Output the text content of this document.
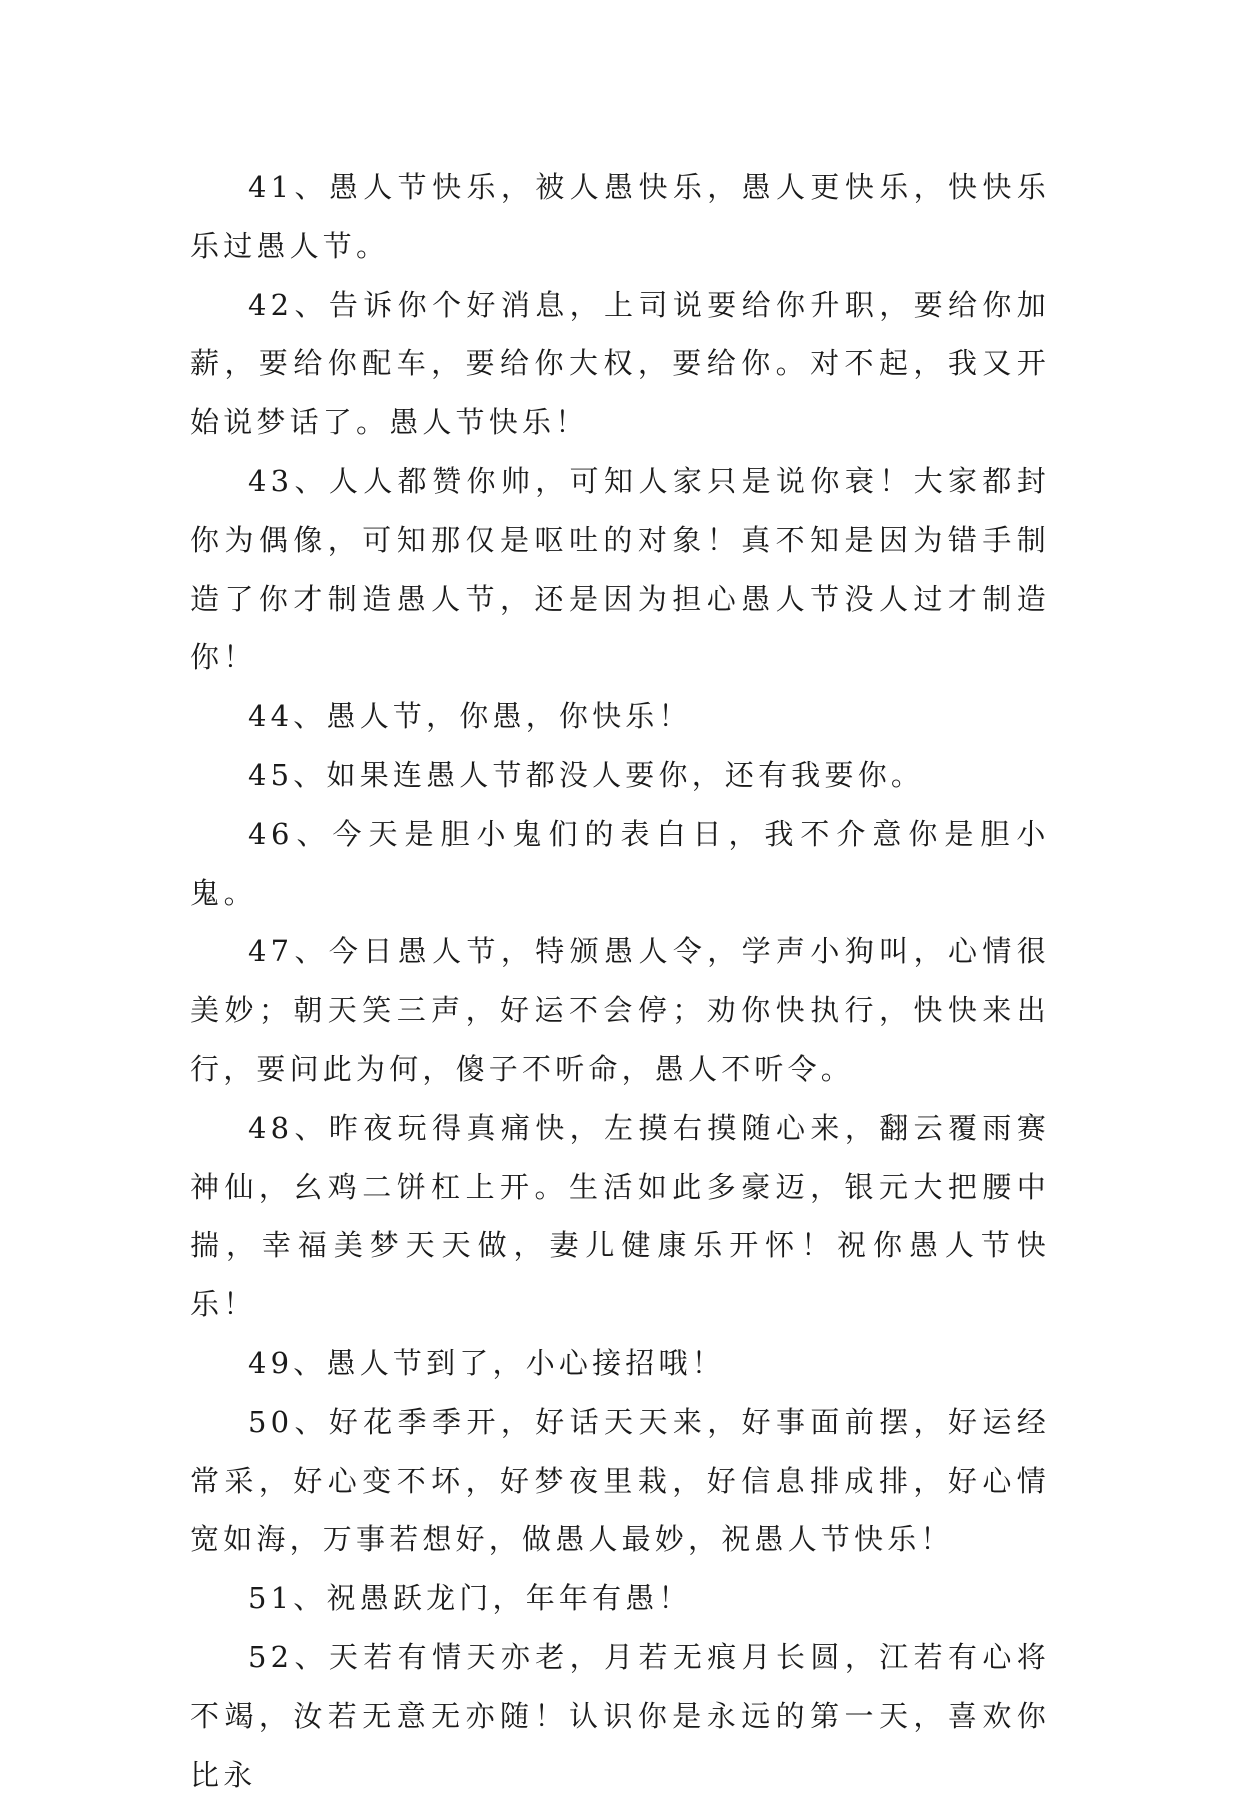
41、愚人节快乐，被人愚快乐，愚人更快乐，快快乐乐过愚人节。

42、告诉你个好消息，上司说要给你升职，要给你加薪，要给你配车，要给你大权，要给你。对不起，我又开始说梦话了。愚人节快乐！

43、人人都赞你帅，可知人家只是说你衰！大家都封你为偶像，可知那仅是呕吐的对象！真不知是因为错手制造了你才制造愚人节，还是因为担心愚人节没人过才制造你！

44、愚人节，你愚，你快乐！

45、如果连愚人节都没人要你，还有我要你。

46、今天是胆小鬼们的表白日，我不介意你是胆小鬼。

47、今日愚人节，特颁愚人令，学声小狗叫，心情很美妙；朝天笑三声，好运不会停；劝你快执行，快快来出行，要问此为何，傻子不听命，愚人不听令。

48、昨夜玩得真痛快，左摸右摸随心来，翻云覆雨赛神仙，幺鸡二饼杠上开。生活如此多豪迈，银元大把腰中揣，幸福美梦天天做，妻儿健康乐开怀！祝你愚人节快乐！

49、愚人节到了，小心接招哦！

50、好花季季开，好话天天来，好事面前摆，好运经常采，好心变不坏，好梦夜里栽，好信息排成排，好心情宽如海，万事若想好，做愚人最妙，祝愚人节快乐！

51、祝愚跃龙门，年年有愚！

52、天若有情天亦老，月若无痕月长圆，江若有心将不竭，汝若无意无亦随！认识你是永远的第一天，喜欢你比永
